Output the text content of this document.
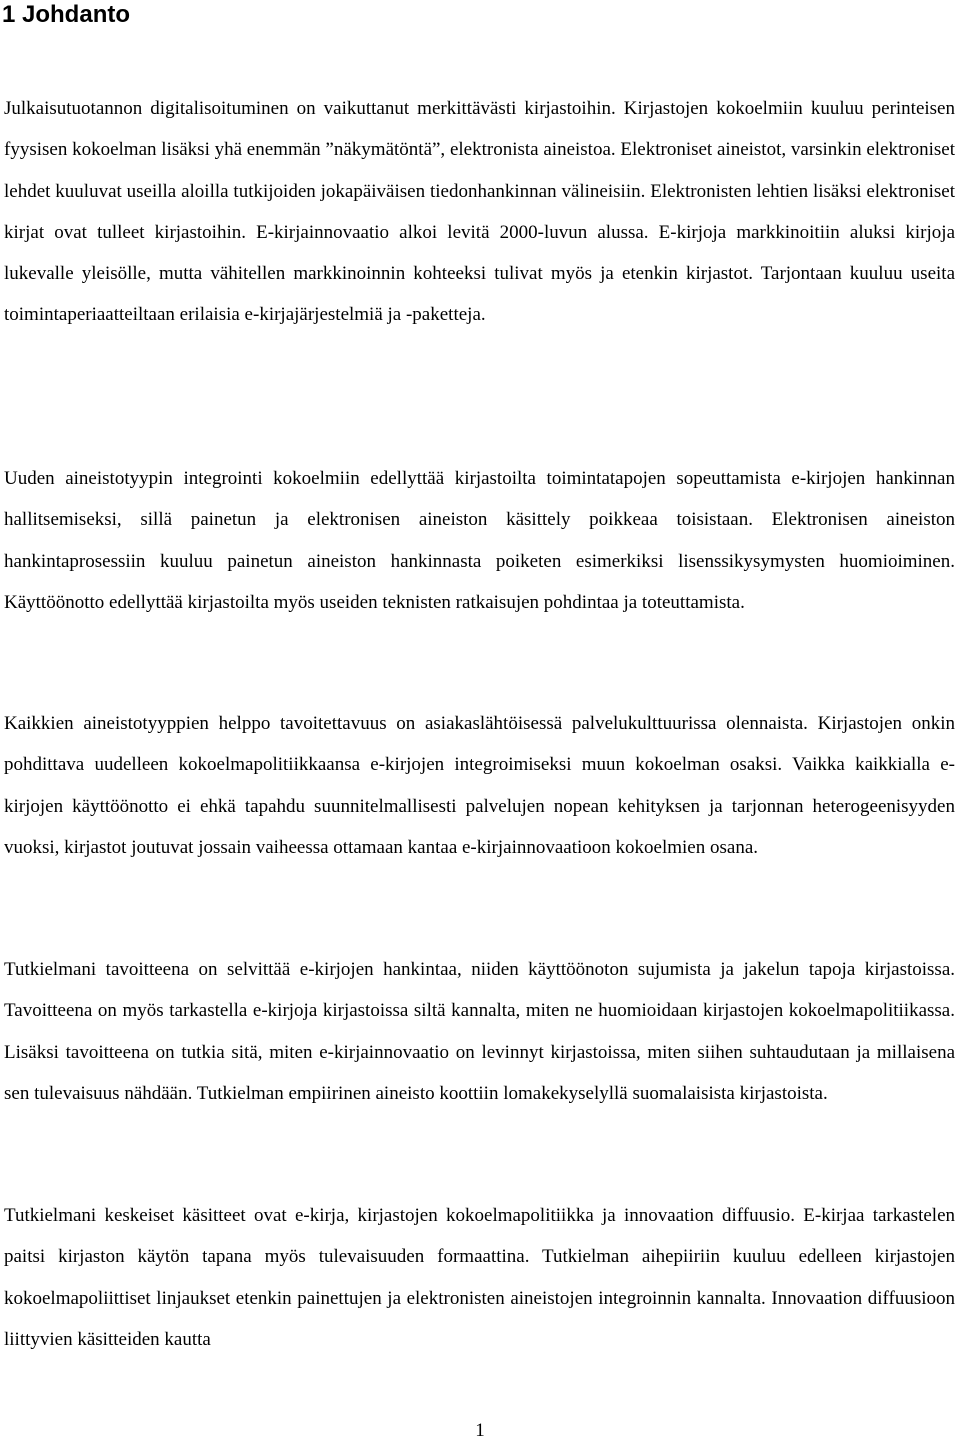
1 Johdanto

Julkaisutuotannon digitalisoituminen on vaikuttanut merkittävästi kirjastoihin. Kirjastojen kokoelmiin kuuluu perinteisen fyysisen kokoelman lisäksi yhä enemmän ”näkymätöntä”, elektronista aineistoa. Elektroniset aineistot, varsinkin elektroniset lehdet kuuluvat useilla aloilla tutkijoiden jokapäiväisen tiedonhankinnan välineisiin. Elektronisten lehtien lisäksi elektroniset kirjat ovat tulleet kirjastoihin. E-kirjainnovaatio alkoi levitä 2000-luvun alussa. E-kirjoja markkinoitiin aluksi kirjoja lukevalle yleisölle, mutta vähitellen markkinoinnin kohteeksi tulivat myös ja etenkin kirjastot. Tarjontaan kuuluu useita toimintaperiaatteiltaan erilaisia e-kirjajärjestelmiä ja -paketteja.

Uuden aineistotyypin integrointi kokoelmiin edellyttää kirjastoilta toimintatapojen sopeuttamista e-kirjojen hankinnan hallitsemiseksi, sillä painetun ja elektronisen aineiston käsittely poikkeaa toisistaan. Elektronisen aineiston hankintaprosessiin kuuluu painetun aineiston hankinnasta poiketen esimerkiksi lisenssikysymysten huomioiminen. Käyttöönotto edellyttää kirjastoilta myös useiden teknisten ratkaisujen pohdintaa ja toteuttamista.

Kaikkien aineistotyyppien helppo tavoitettavuus on asiakaslähtöisessä palvelukulttuurissa olennaista. Kirjastojen onkin pohdittava uudelleen kokoelmapolitiikkaansa e-kirjojen integroimiseksi muun kokoelman osaksi. Vaikka kaikkialla e-kirjojen käyttöönotto ei ehkä tapahdu suunnitelmallisesti palvelujen nopean kehityksen ja tarjonnan heterogeenisyyden vuoksi, kirjastot joutuvat jossain vaiheessa ottamaan kantaa e-kirjainnovaatioon kokoelmien osana.

Tutkielmani tavoitteena on selvittää e-kirjojen hankintaa, niiden käyttöönoton sujumista ja jakelun tapoja kirjastoissa. Tavoitteena on myös tarkastella e-kirjoja kirjastoissa siltä kannalta, miten ne huomioidaan kirjastojen kokoelmapolitiikassa. Lisäksi tavoitteena on tutkia sitä, miten e-kirjainnovaatio on levinnyt kirjastoissa, miten siihen suhtaudutaan ja millaisena sen tulevaisuus nähdään. Tutkielman empiirinen aineisto koottiin lomakekyselyllä suomalaisista kirjastoista.

Tutkielmani keskeiset käsitteet ovat e-kirja, kirjastojen kokoelmapolitiikka ja innovaation diffuusio. E-kirjaa tarkastelen paitsi kirjaston käytön tapana myös tulevaisuuden formaattina. Tutkielman aihepiiriin kuuluu edelleen kirjastojen kokoelmapoliittiset linjaukset etenkin painettujen ja elektronisten aineistojen integroinnin kannalta. Innovaation diffuusioon liittyvien käsitteiden kautta

1
